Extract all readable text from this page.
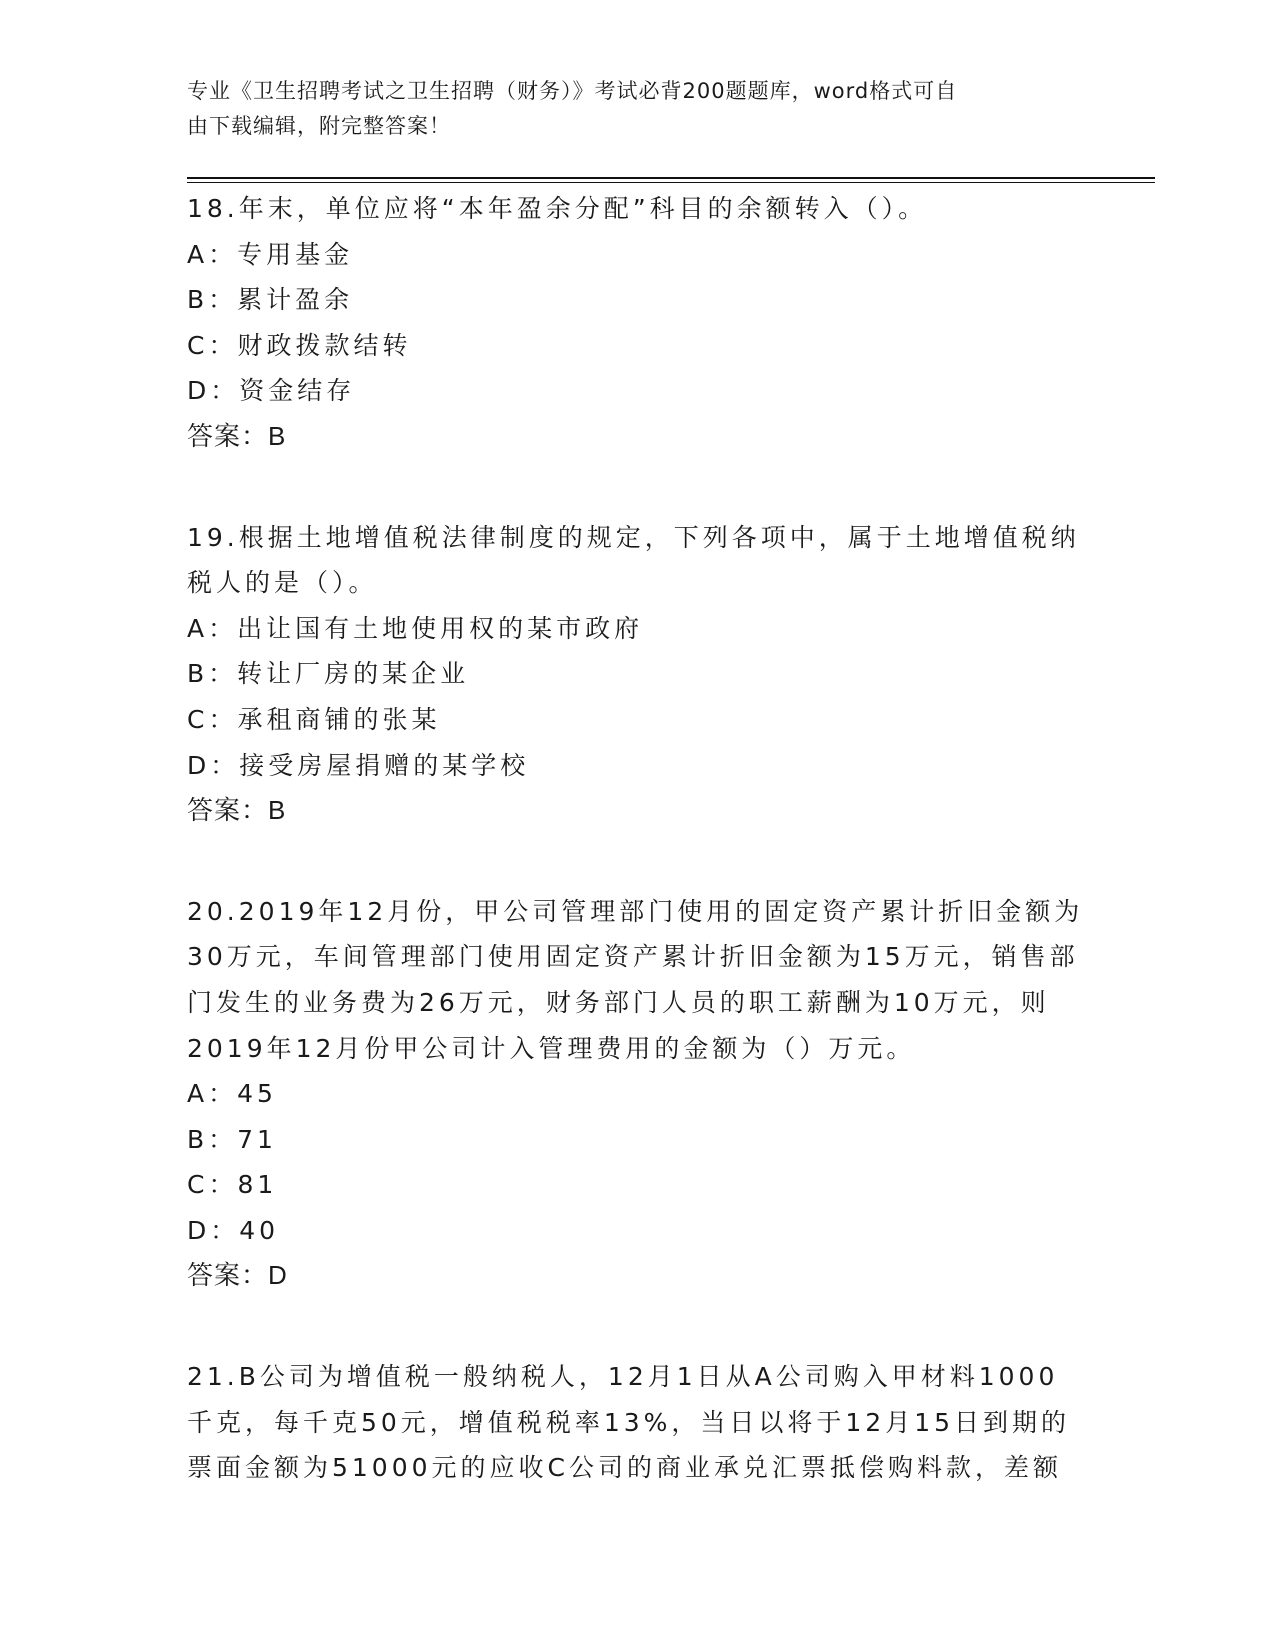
专业《卫生招聘考试之卫生招聘（财务）》考试必背200题题库，word格式可自
由下载编辑，附完整答案！
18.年末，单位应将“本年盈余分配”科目的余额转入（）。
A：专用基金
B：累计盈余
C：财政拨款结转
D：资金结存
答案：B
19.根据土地增值税法律制度的规定，下列各项中，属于土地增值税纳
税人的是（）。
A：出让国有土地使用权的某市政府
B：转让厂房的某企业
C：承租商铺的张某
D：接受房屋捐赠的某学校
答案：B
20.2019年12月份，甲公司管理部门使用的固定资产累计折旧金额为
30万元，车间管理部门使用固定资产累计折旧金额为15万元，销售部
门发生的业务费为26万元，财务部门人员的职工薪酬为10万元，则
2019年12月份甲公司计入管理费用的金额为（）万元。
A：45
B：71
C：81
D：40
答案：D
21.B公司为增值税一般纳税人，12月1日从A公司购入甲材料1000
千克，每千克50元，增值税税率13%，当日以将于12月15日到期的
票面金额为51000元的应收C公司的商业承兑汇票抵偿购料款，差额
